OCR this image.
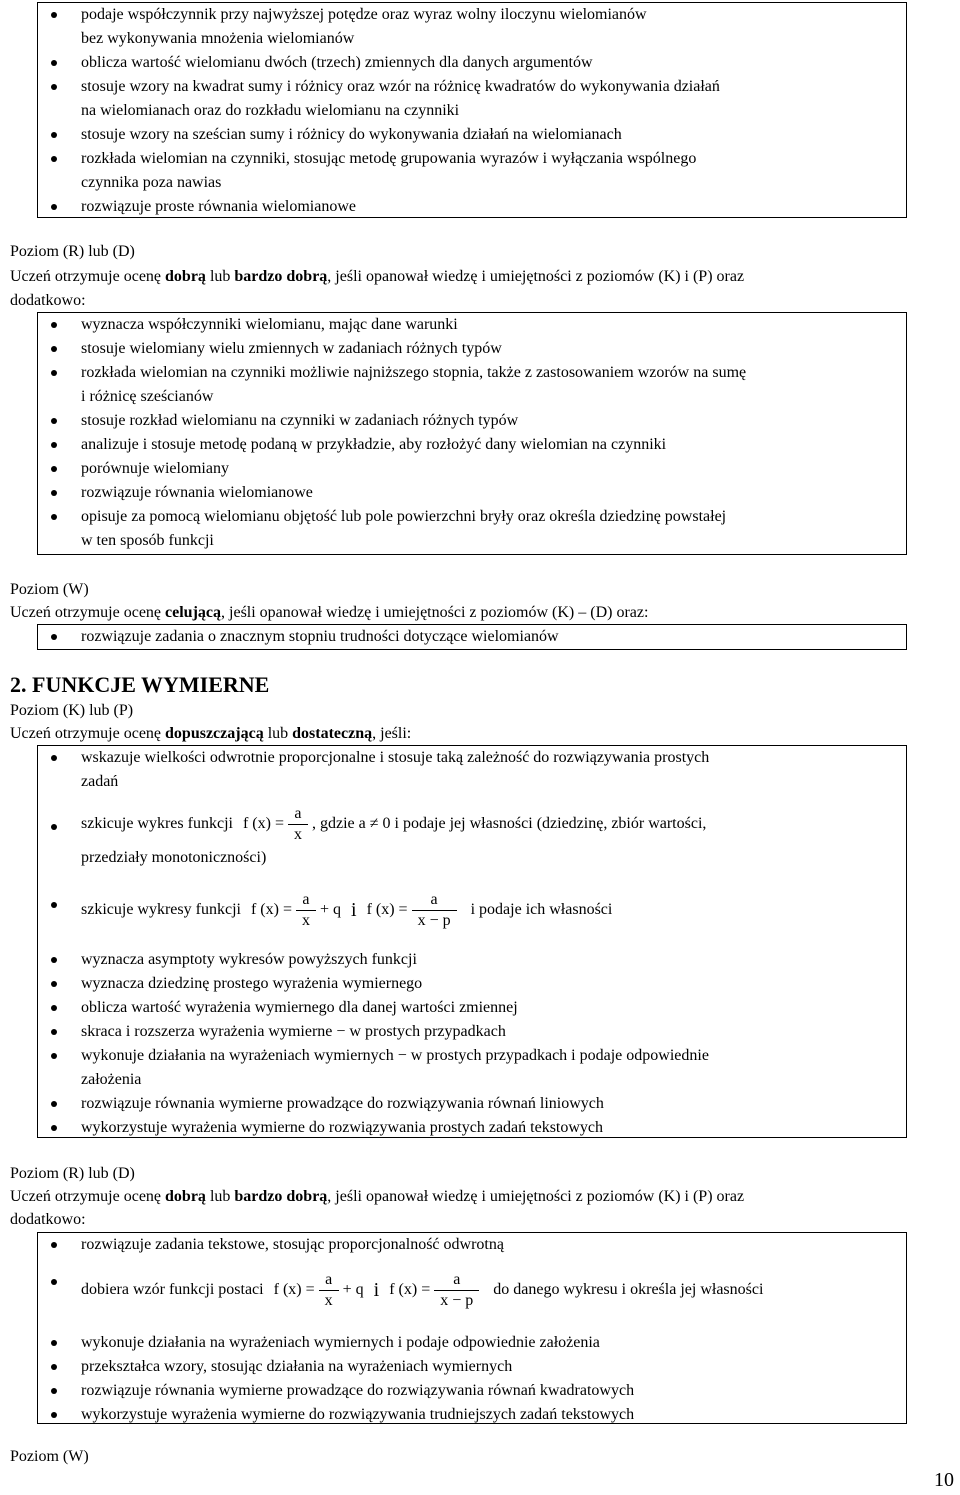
podaje współczynnik przy najwyższej potędze oraz wyraz wolny iloczynu wielomianów
bez wykonywania mnożenia wielomianów
oblicza wartość wielomianu dwóch (trzech) zmiennych dla danych argumentów
stosuje wzory na kwadrat sumy i różnicy oraz wzór na różnicę kwadratów do wykonywania działań
na wielomianach oraz do rozkładu wielomianu na czynniki
stosuje wzory na sześcian sumy i różnicy do wykonywania działań na wielomianach
rozkłada wielomian na czynniki, stosując metodę grupowania wyrazów i wyłączania wspólnego
czynnika poza nawias
rozwiązuje proste równania wielomianowe
Poziom (R) lub (D)
Uczeń otrzymuje ocenę dobrą lub bardzo dobrą, jeśli opanował wiedzę i umiejętności z poziomów (K) i (P) oraz
dodatkowo:
wyznacza współczynniki wielomianu, mając dane warunki
stosuje wielomiany wielu zmiennych w zadaniach różnych typów
rozkłada wielomian na czynniki możliwie najniższego stopnia, także z zastosowaniem wzorów na sumę
i różnicę sześcianów
stosuje rozkład wielomianu na czynniki w zadaniach różnych typów
analizuje i stosuje metodę podaną w przykładzie, aby rozłożyć dany wielomian na czynniki
porównuje wielomiany
rozwiązuje równania wielomianowe
opisuje za pomocą wielomianu objętość lub pole powierzchni bryły oraz określa dziedzinę powstałej
w ten sposób funkcji
Poziom (W)
Uczeń otrzymuje ocenę celującą, jeśli opanował wiedzę i umiejętności z poziomów (K) – (D) oraz:
rozwiązuje zadania o znacznym stopniu trudności dotyczące wielomianów
2. FUNKCJE WYMIERNE
Poziom (K) lub (P)
Uczeń otrzymuje ocenę dopuszczającą lub dostateczną, jeśli:
wskazuje wielkości odwrotnie proporcjonalne i stosuje taką zależność do rozwiązywania prostych
zadań
szkicuje wykres funkcji f $(x) = \frac{a}{x}$ , gdzie a ≠ 0 i podaje jej własności (dziedzinę, zbiór wartości,
przedziały monotoniczności)
szkicuje wykresy funkcji f $(x) = \frac{a}{x} + q$ i f $(x) = \frac{a}{x - p}$ i podaje ich własności
wyznacza asymptoty wykresów powyższych funkcji
wyznacza dziedzinę prostego wyrażenia wymiernego
oblicza wartość wyrażenia wymiernego dla danej wartości zmiennej
skraca i rozszerza wyrażenia wymierne − w prostych przypadkach
wykonuje działania na wyrażeniach wymiernych − w prostych przypadkach i podaje odpowiednie
założenia
rozwiązuje równania wymierne prowadzące do rozwiązywania równań liniowych
wykorzystuje wyrażenia wymierne do rozwiązywania prostych zadań tekstowych
Poziom (R) lub (D)
Uczeń otrzymuje ocenę dobrą lub bardzo dobrą, jeśli opanował wiedzę i umiejętności z poziomów (K) i (P) oraz
dodatkowo:
rozwiązuje zadania tekstowe, stosując proporcjonalność odwrotną
dobiera wzór funkcji postaci f $(x) = \frac{a}{x} + q$ i f $(x) = \frac{a}{x - p}$ do danego wykresu i określa jej własności
wykonuje działania na wyrażeniach wymiernych i podaje odpowiednie założenia
przekształca wzory, stosując działania na wyrażeniach wymiernych
rozwiązuje równania wymierne prowadzące do rozwiązywania równań kwadratowych
wykorzystuje wyrażenia wymierne do rozwiązywania trudniejszych zadań tekstowych
Poziom (W)
10
